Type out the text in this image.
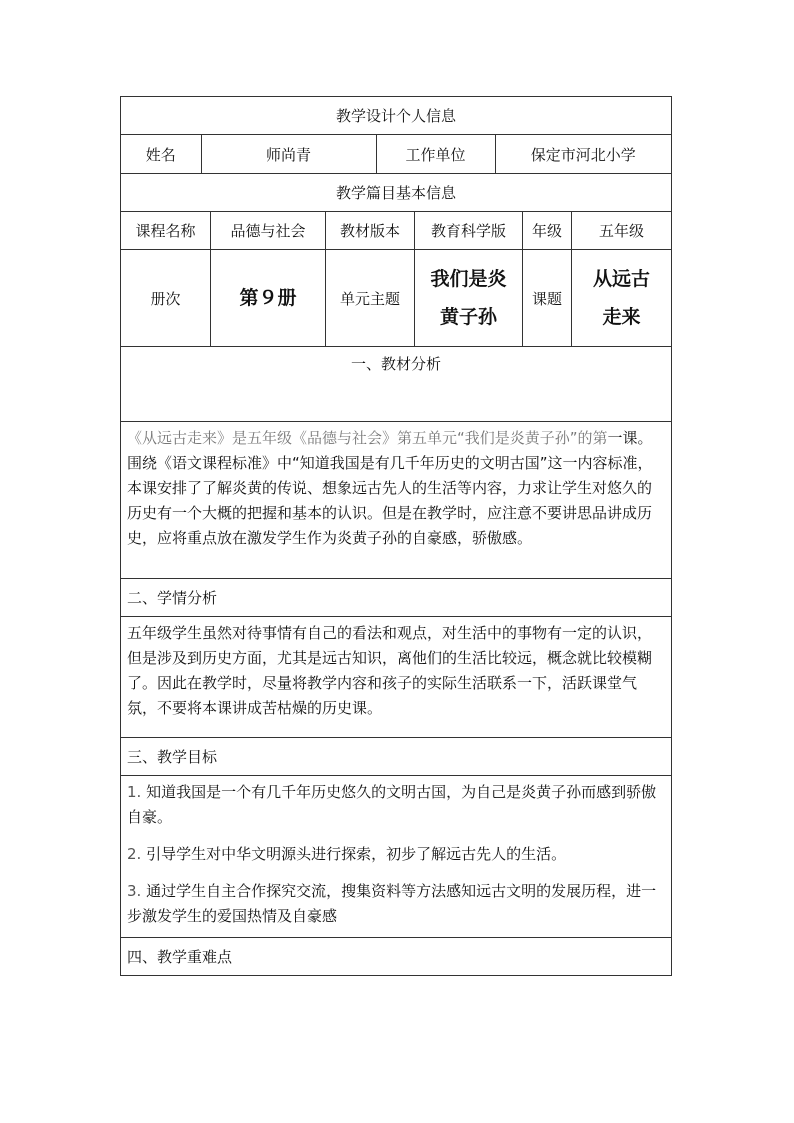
教学设计个人信息

姓名	师尚青	工作单位	保定市河北小学

教学篇目基本信息
课程名称	品德与社会	教材版本	教育科学版	年级	五年级
册次	第９册	单元主题	我们是炎黄子孙	课题	从远古走来
一、教材分析

《从远古走来》是五年级《品德与社会》第五单元“我们是炎黄子孙”的第一课。围绕《语文课程标准》中“知道我国是有几千年历史的文明古国”这一内容标准，本课安排了了解炎黄的传说、想象远古先人的生活等内容，力求让学生对悠久的历史有一个大概的把握和基本的认识。但是在教学时，应注意不要讲思品讲成历史，应将重点放在激发学生作为炎黄子孙的自豪感，骄傲感。

二、学情分析

五年级学生虽然对待事情有自己的看法和观点，对生活中的事物有一定的认识，但是涉及到历史方面，尤其是远古知识，离他们的生活比较远，概念就比较模糊了。因此在教学时，尽量将教学内容和孩子的实际生活联系一下，活跃课堂气氛，不要将本课讲成苦枯燥的历史课。

三、教学目标

1. 知道我国是一个有几千年历史悠久的文明古国，为自己是炎黄子孙而感到骄傲自豪。

2. 引导学生对中华文明源头进行探索，初步了解远古先人的生活。

3. 通过学生自主合作探究交流，搜集资料等方法感知远古文明的发展历程，进一步激发学生的爱国热情及自豪感

四、教学重难点
